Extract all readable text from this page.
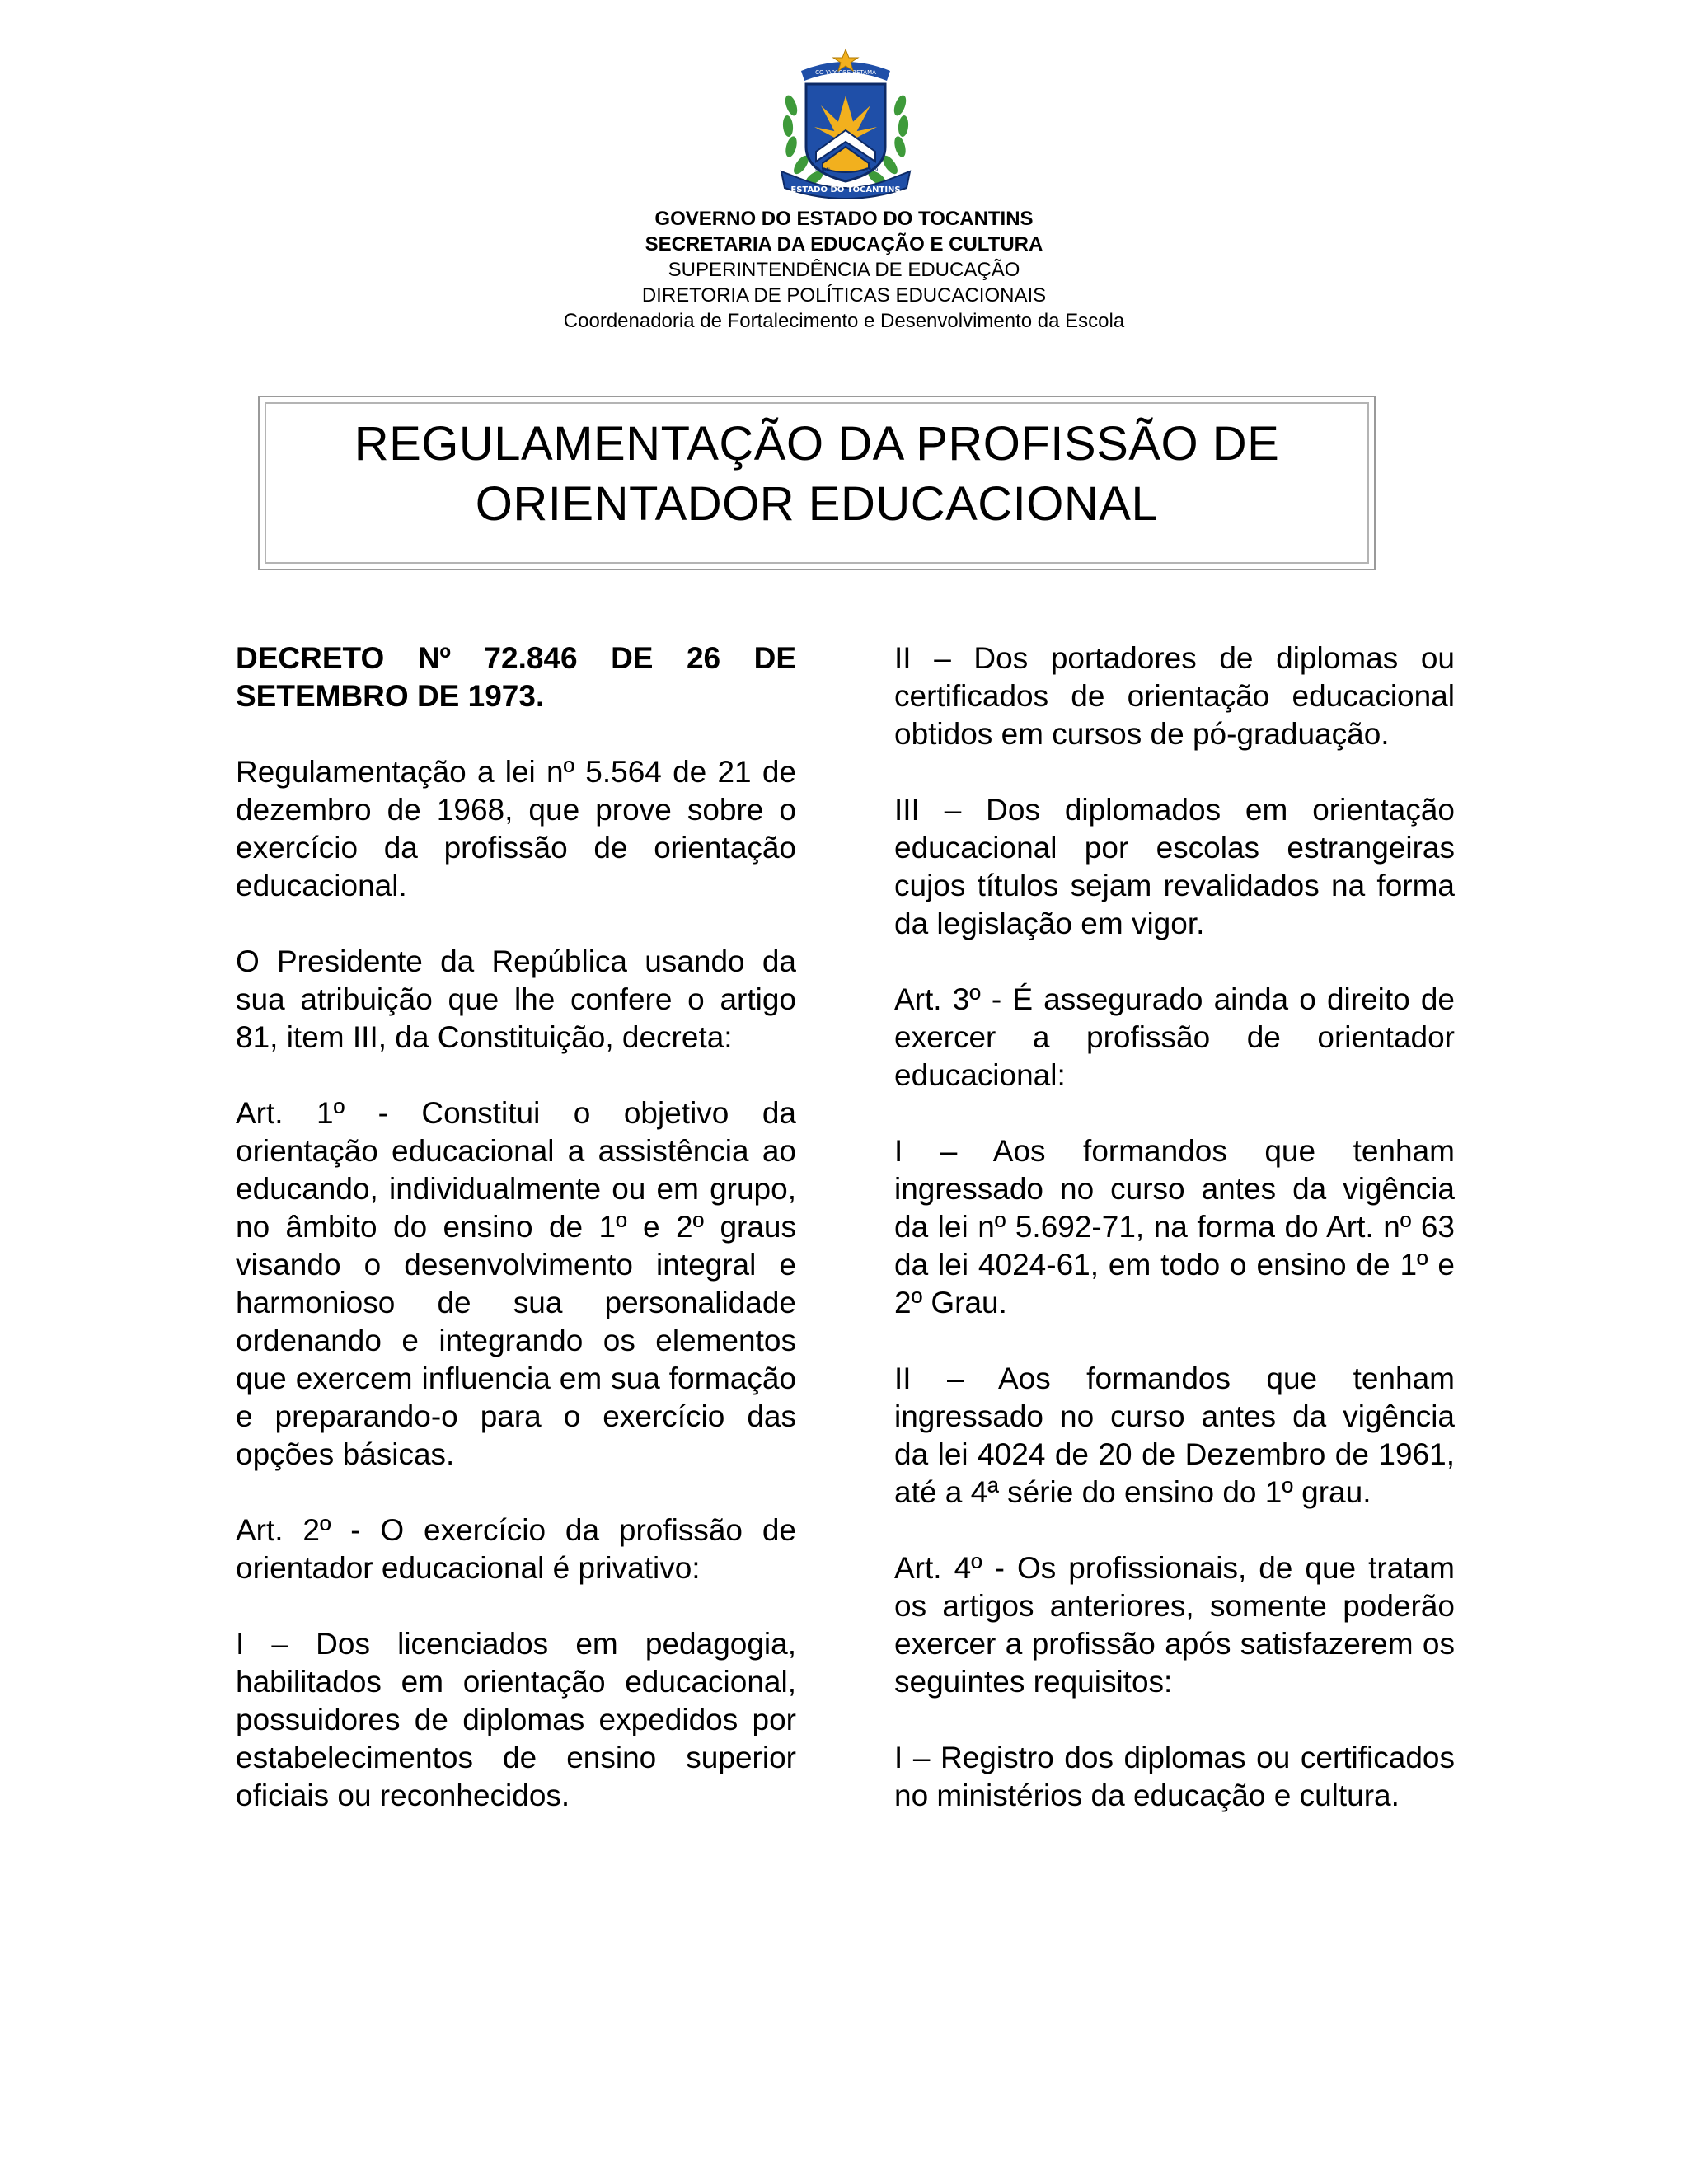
CO YVY ORE RETAMA
1º JAN	1989
ESTADO DO TOCANTINS
GOVERNO DO ESTADO DO TOCANTINS
SECRETARIA DA EDUCAÇÃO E CULTURA
SUPERINTENDÊNCIA DE EDUCAÇÃO
DIRETORIA DE POLÍTICAS EDUCACIONAIS
Coordenadoria de Fortalecimento e Desenvolvimento da Escola
REGULAMENTAÇÃO DA PROFISSÃO DE
ORIENTADOR EDUCACIONAL

DECRETO Nº 72.846 DE 26 DE SETEMBRO DE 1973.

Regulamentação a lei nº 5.564 de 21 de dezembro de 1968, que prove sobre o exercício da profissão de orientação educacional.

O Presidente da República usando da sua atribuição que lhe confere o artigo 81, item III, da Constituição, decreta:

Art. 1º - Constitui o objetivo da orientação educacional a assistência ao educando, individualmente ou em grupo, no âmbito do ensino de 1º e 2º graus visando o desenvolvimento integral e harmonioso de sua personalidade ordenando e integrando os elementos que exercem influencia em sua formação e preparando-o para o exercício das opções básicas.

Art. 2º - O exercício da profissão de orientador educacional é privativo:

I – Dos licenciados em pedagogia, habilitados em orientação educacional, possuidores de diplomas expedidos por estabelecimentos de ensino superior oficiais ou reconhecidos.

II – Dos portadores de diplomas ou certificados de orientação educacional obtidos em cursos de pó-graduação.

III – Dos diplomados em orientação educacional por escolas estrangeiras cujos títulos sejam revalidados na forma da legislação em vigor.

Art. 3º - É assegurado ainda o direito de exercer a profissão de orientador educacional:

I – Aos formandos que tenham ingressado no curso antes da vigência da lei nº 5.692-71, na forma do Art. nº 63 da lei 4024-61, em todo o ensino de 1º e 2º Grau.

II – Aos formandos que tenham ingressado no curso antes da vigência da lei 4024 de 20 de Dezembro de 1961, até a 4ª série do ensino do 1º grau.

Art. 4º - Os profissionais, de que tratam os artigos anteriores, somente poderão exercer a profissão após satisfazerem os seguintes requisitos:

I – Registro dos diplomas ou certificados no ministérios da educação e cultura.
